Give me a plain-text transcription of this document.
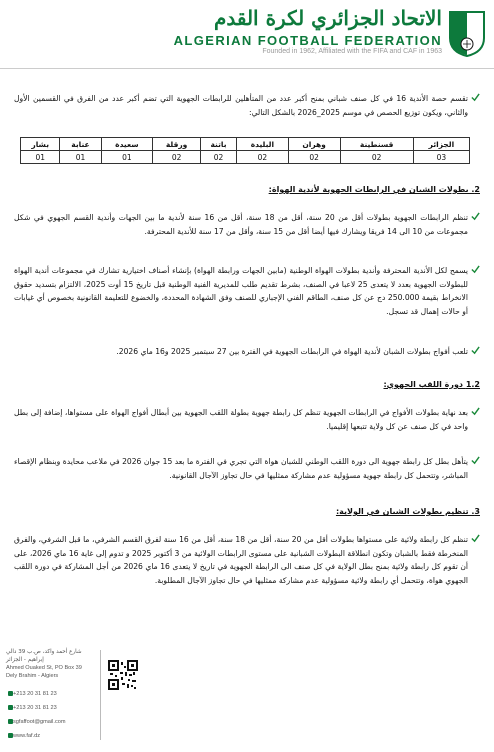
الاتحاد الجزائري لكرة القدم
ALGERIAN FOOTBALL FEDERATION
Founded in 1962, Affiliated with the FIFA and CAF in 1963
تقسم حصة الأندية 16 في كل صنف شباني بمنح أكبر عدد من المتأهلين للرابطات الجهوية التي تضم أكبر عدد من الفرق في القسمين الأول والثاني، ويكون توزيع الحصص في موسم 2025_2026 بالشكل التالي:
الجزائر	قسنطينة	وهران	البليدة	باتنة	ورقلة	سعيدة	عنابة	بشار
03	02	02	02	02	02	01	01	01
2. بطولات الشبان في الرابطات الجهوية لأندية الهواة:
تنظم الرابطات الجهوية بطولات أقل من 20 سنة، أقل من 18 سنة، أقل من 16 سنة لأندية ما بين الجهات وأندية القسم الجهوي في شكل مجموعات من 10 الى 14 فريقا ويشارك فيها أيضا أقل من 15 سنة، وأقل من 17 سنة للأندية المحترفة.
يسمح لكل الأندية المحترفة وأندية بطولات الهواة الوطنية (مابين الجهات ورابطة الهواة) بإنشاء أصناف اختيارية تشارك في مجموعات أندية الهواة للبطولات الجهوية بعدد لا يتعدى 25 لاعبا في الصنف، بشرط تقديم طلب للمديرية الفنية الوطنية قبل تاريخ 15 أوت 2025، الالتزام بتسديد حقوق الانخراط بقيمة 250.000 دج عن كل صنف، الطاقم الفني الإجباري للصنف وفق الشهادة المحددة، والخضوع للتعليمة القانونية بخصوص أي غيابات أو حالات إهمال قد تسجل.
تلعب أفواج بطولات الشبان لأندية الهواة في الرابطات الجهوية في الفترة بين 27 سبتمبر 2025 و16 ماي 2026.
1.2 دورة اللقب الجهوي:
بعد نهاية بطولات الأفواج في الرابطات الجهوية تنظم كل رابطة جهوية بطولة اللقب الجهوية بين أبطال أفواج الهواة على مستواها، إضافة إلى بطل واحد في كل صنف عن كل ولاية تتبعها إقليميا.
يتأهل بطل كل رابطة جهوية الى دورة اللقب الوطني للشبان هواة التي تجري في الفترة ما بعد 15 جوان 2026 في ملاعب محايدة وبنظام الإقصاء المباشر، وتتحمل كل رابطة جهوية مسؤولية عدم مشاركة ممثليها في حال تجاوز الآجال القانونية.
3. تنظيم بطولات الشبان في الولاية:
تنظم كل رابطة ولائية على مستواها بطولات أقل من 20 سنة، أقل من 18 سنة، أقل من 16 سنة لفرق القسم الشرفي، ما قبل الشرفي، والفرق المنخرطة فقط بالشبان وتكون انطلاقة البطولات الشبانية على مستوى الرابطات الولائية من 3 أكتوبر 2025 و تدوم إلى غاية 16 ماي 2026، على أن تقوم كل رابطة ولائية بمنح بطل الولاية في كل صنف الى الرابطة الجهوية في تاريخ لا يتعدى 16 ماي 2026 من أجل المشاركة في دورة اللقب الجهوي هواة، وتتحمل أي رابطة ولائية مسؤولية عدم مشاركة ممثليها في حال تجاوز الآجال المطلوبة.
شارع أحمد واكد، ص.ب 39 دالي إبراهيم - الجزائر
Ahmed Ouaked St, PO Box 39
Dely Brahim - Algiers
+213 20 31 81 23
+213 20 31 81 23
sgfaffoot@gmail.com
www.faf.dz
